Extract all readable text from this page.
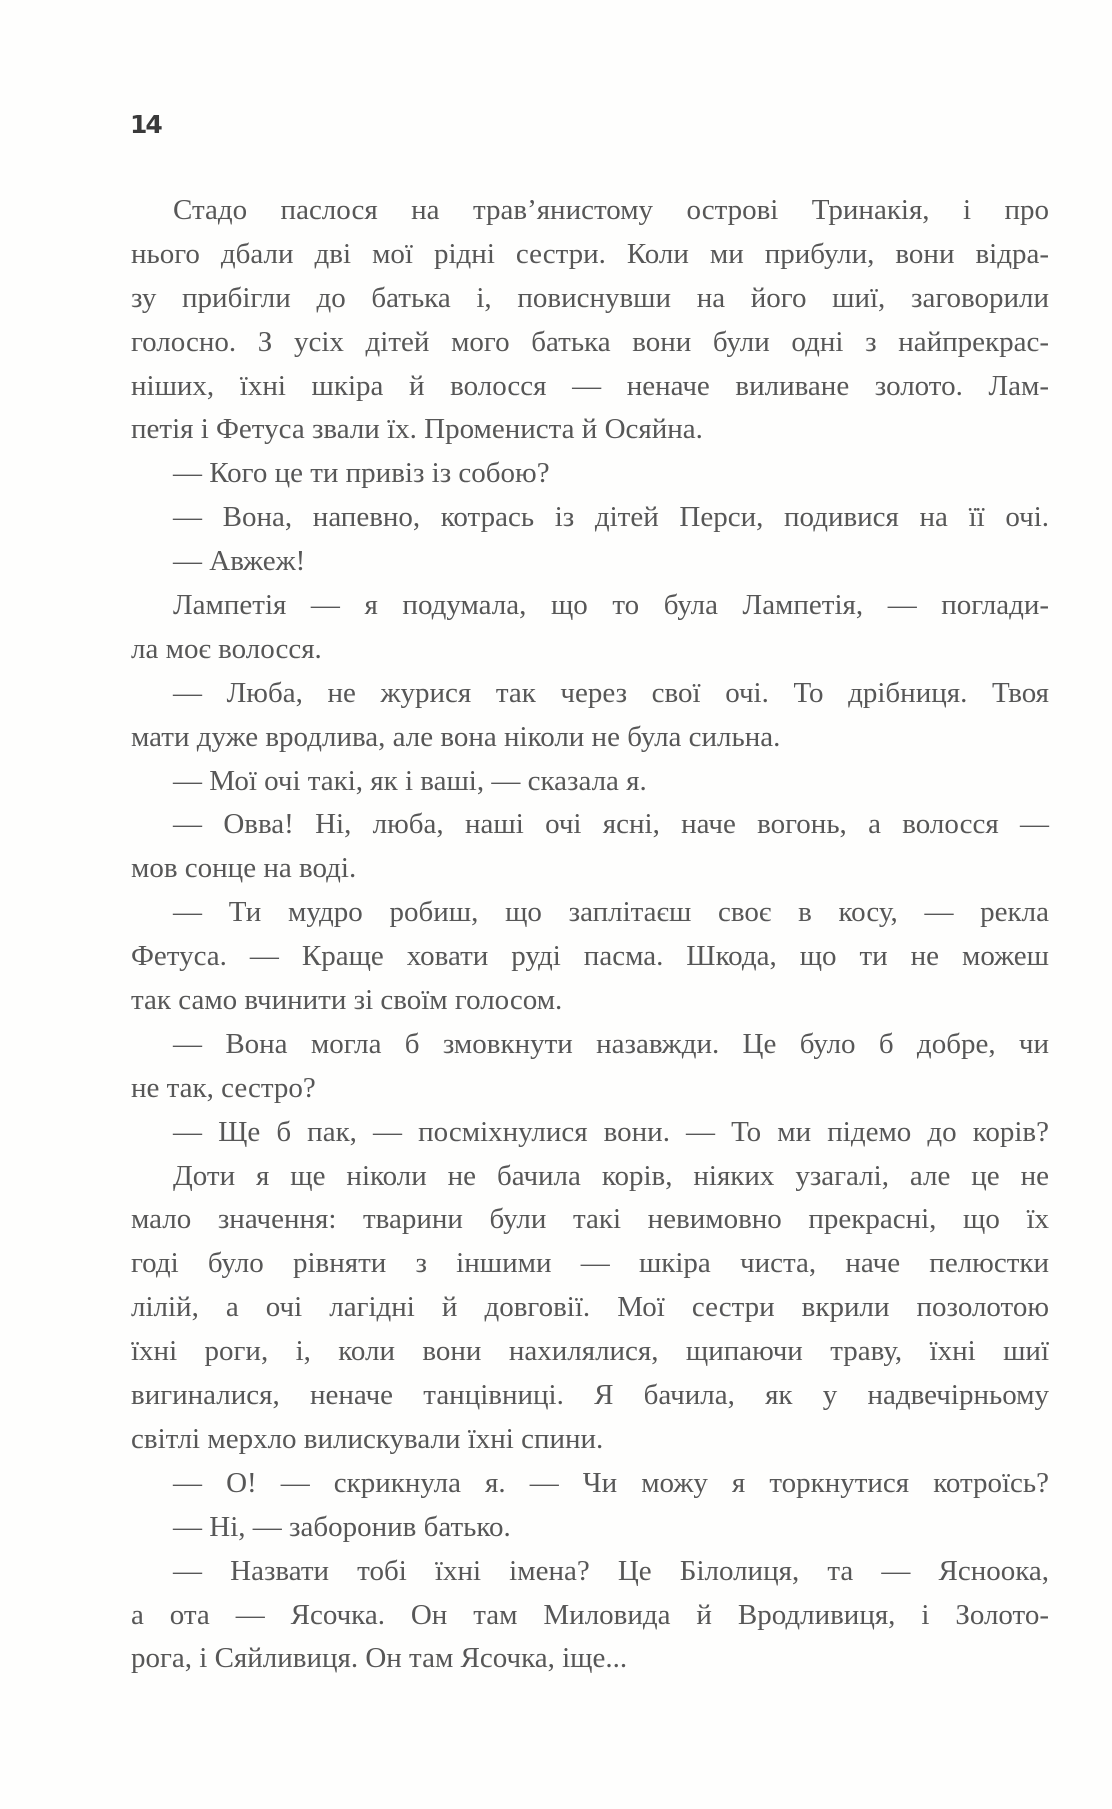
14
Стадо паслося на трав’янистому острові Тринакія, і про
нього дбали дві мої рідні сестри. Коли ми прибули, вони відра-
зу прибігли до батька і, повиснувши на його шиї, заговорили
голосно. З усіх дітей мого батька вони були одні з найпрекрас-
ніших, їхні шкіра й волосся — неначе виливане золото. Лам-
петія і Фетуса звали їх. Промениста й Осяйна.
— Кого це ти привіз із собою?
— Вона, напевно, котрась із дітей Перси, подивися на її очі.
— Авжеж!
Лампетія — я подумала, що то була Лампетія, — поглади-
ла моє волосся.
— Люба, не журися так через свої очі. То дрібниця. Твоя
мати дуже вродлива, але вона ніколи не була сильна.
— Мої очі такі, як і ваші, — сказала я.
— Овва! Ні, люба, наші очі ясні, наче вогонь, а волосся —
мов сонце на воді.
— Ти мудро робиш, що заплітаєш своє в косу, — рекла
Фетуса. — Краще ховати руді пасма. Шкода, що ти не можеш
так само вчинити зі своїм голосом.
— Вона могла б змовкнути назавжди. Це було б добре, чи
не так, сестро?
— Ще б пак, — посміхнулися вони. — То ми підемо до корів?
Доти я ще ніколи не бачила корів, ніяких узагалі, але це не
мало значення: тварини були такі невимовно прекрасні, що їх
годі було рівняти з іншими — шкіра чиста, наче пелюстки
лілій, а очі лагідні й довговії. Мої сестри вкрили позолотою
їхні роги, і, коли вони нахилялися, щипаючи траву, їхні шиї
вигиналися, неначе танцівниці. Я бачила, як у надвечірньому
світлі мерхло вилискували їхні спини.
— О! — скрикнула я. — Чи можу я торкнутися котроїсь?
— Ні, — заборонив батько.
— Назвати тобі їхні імена? Це Білолиця, та — Ясноока,
а ота — Ясочка. Он там Миловида й Вродливиця, і Золото-
рога, і Сяйливиця. Он там Ясочка, іще...
